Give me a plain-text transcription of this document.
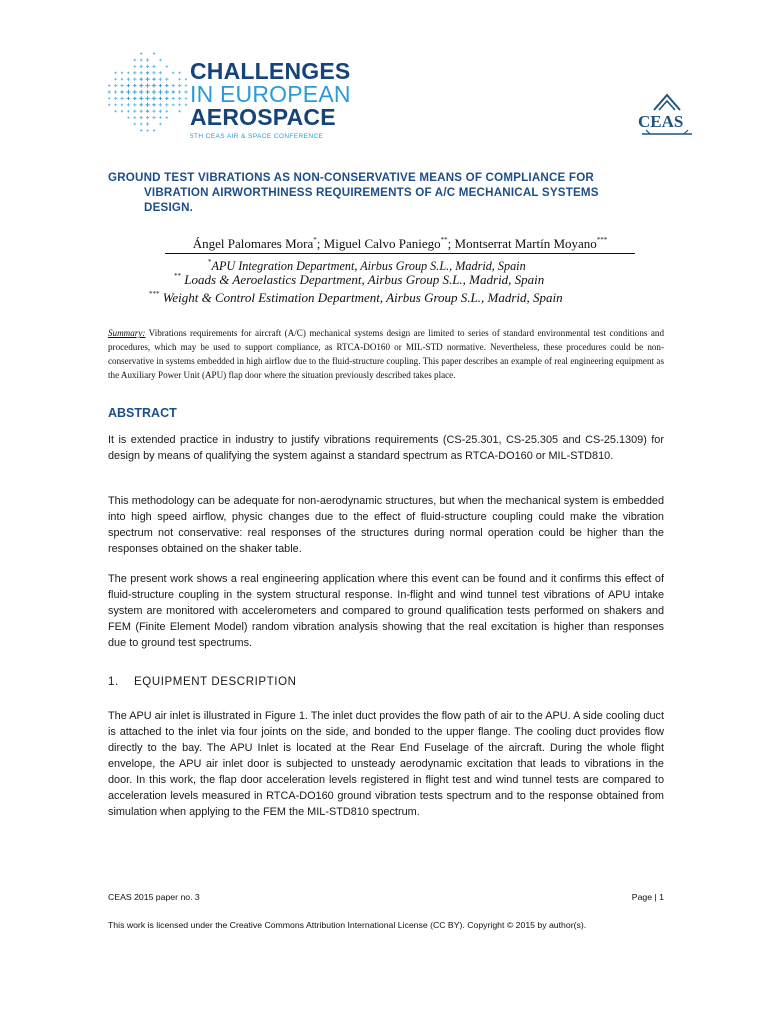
CHALLENGES
IN EUROPEAN
AEROSPACE
5TH CEAS AIR & SPACE CONFERENCE
CEAS
GROUND TEST VIBRATIONS AS NON-CONSERVATIVE MEANS OF COMPLIANCE FOR
VIBRATION AIRWORTHINESS REQUIREMENTS OF A/C MECHANICAL SYSTEMS
DESIGN.
Ángel Palomares Mora*; Miguel Calvo Paniego**; Montserrat Martín Moyano***
*APU Integration Department, Airbus Group S.L., Madrid, Spain
** Loads & Aeroelastics Department, Airbus Group S.L., Madrid, Spain
*** Weight & Control Estimation Department, Airbus Group S.L., Madrid, Spain
Summary: Vibrations requirements for aircraft (A/C) mechanical systems design are limited to series of standard environmental test conditions and procedures, which may be used to support compliance, as RTCA-DO160 or MIL-STD normative. Nevertheless, these procedures could be non-conservative in systems embedded in high airflow due to the fluid-structure coupling. This paper describes an example of real engineering equipment as the Auxiliary Power Unit (APU) flap door where the situation previously described takes place.
ABSTRACT
It is extended practice in industry to justify vibrations requirements (CS-25.301, CS-25.305 and CS-25.1309) for design by means of qualifying the system against a standard spectrum as RTCA-DO160 or MIL-STD810.
This methodology can be adequate for non-aerodynamic structures, but when the mechanical system is embedded into high speed airflow, physic changes due to the effect of fluid-structure coupling could make the vibration spectrum not conservative: real responses of the structures during normal operation could be higher than the responses obtained on the shaker table.
The present work shows a real engineering application where this event can be found and it confirms this effect of fluid-structure coupling in the system structural response. In-flight and wind tunnel test vibrations of APU intake system are monitored with accelerometers and compared to ground qualification tests performed on shakers and FEM (Finite Element Model) random vibration analysis showing that the real excitation is higher than responses due to ground test spectrums.
1. EQUIPMENT DESCRIPTION
The APU air inlet is illustrated in Figure 1. The inlet duct provides the flow path of air to the APU. A side cooling duct is attached to the inlet via four joints on the side, and bonded to the upper flange. The cooling duct provides flow directly to the bay. The APU Inlet is located at the Rear End Fuselage of the aircraft. During the whole flight envelope, the APU air inlet door is subjected to unsteady aerodynamic excitation that leads to vibrations in the door. In this work, the flap door acceleration levels registered in flight test and wind tunnel tests are compared to acceleration levels measured in RTCA-DO160 ground vibration tests spectrum and to the response obtained from simulation when applying to the FEM the MIL-STD810 spectrum.
CEAS 2015 paper no. 3	Page | 1
This work is licensed under the Creative Commons Attribution International License (CC BY). Copyright © 2015 by author(s).
